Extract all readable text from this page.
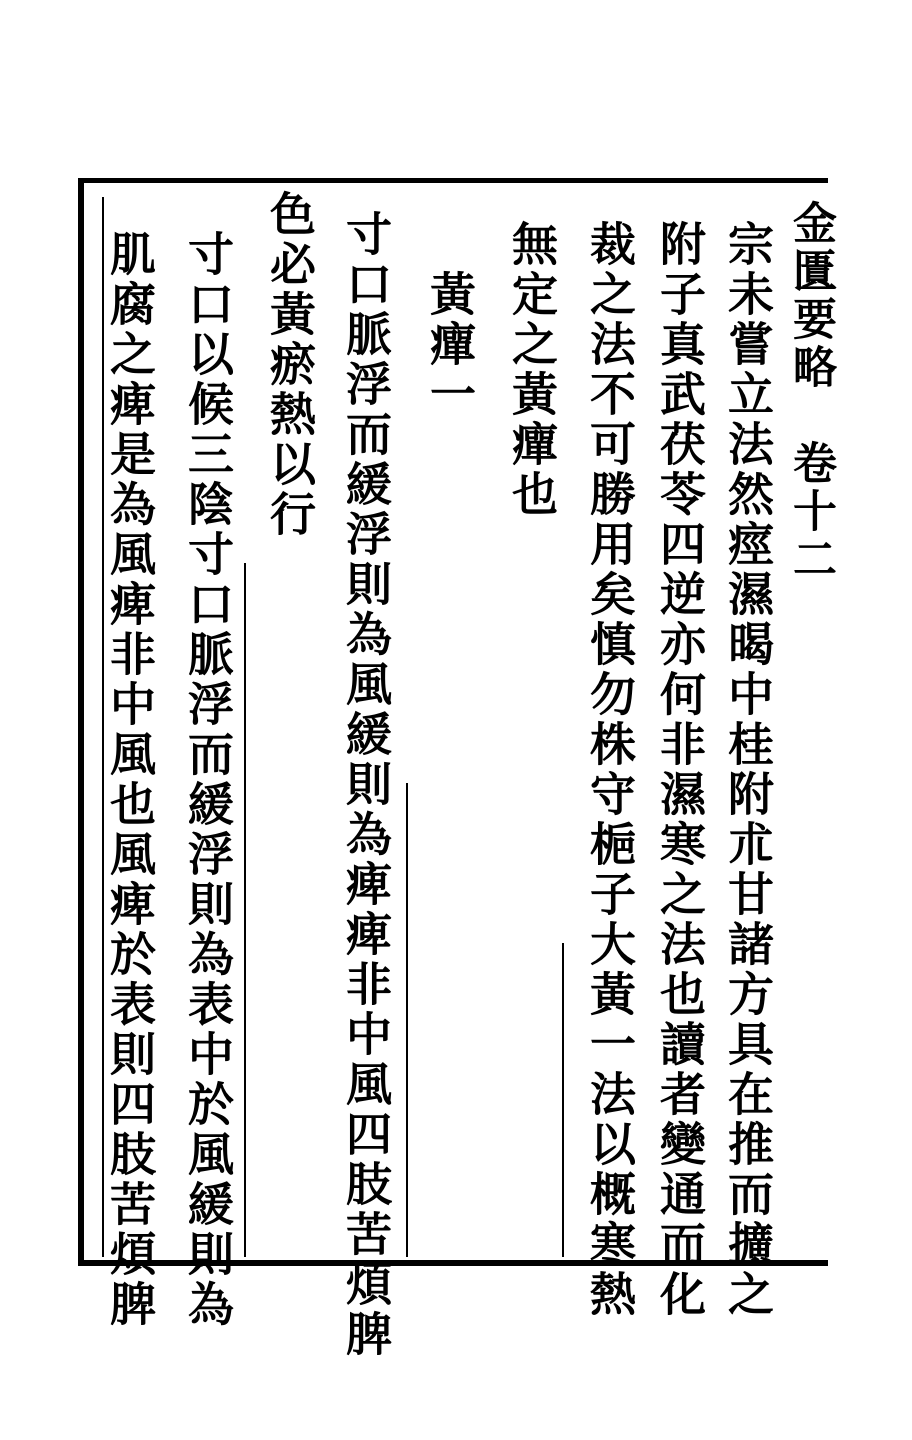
金匱要略　卷十二
宗未嘗立法然痙濕暍中桂附朮甘諸方具在推而擴之
附子真武茯苓四逆亦何非濕寒之法也讀者變通而化
裁之法不可勝用矣慎勿株守梔子大黃一法以概寒熱
無定之黃癉也
黃癉一
寸口脈浮而緩浮則為風緩則為痺痺非中風四肢苦煩脾
色必黃瘀熱以行
寸口以候三陰寸口脈浮而緩浮則為表中於風緩則為
肌腐之痺是為風痺非中風也風痺於表則四肢苦煩脾
